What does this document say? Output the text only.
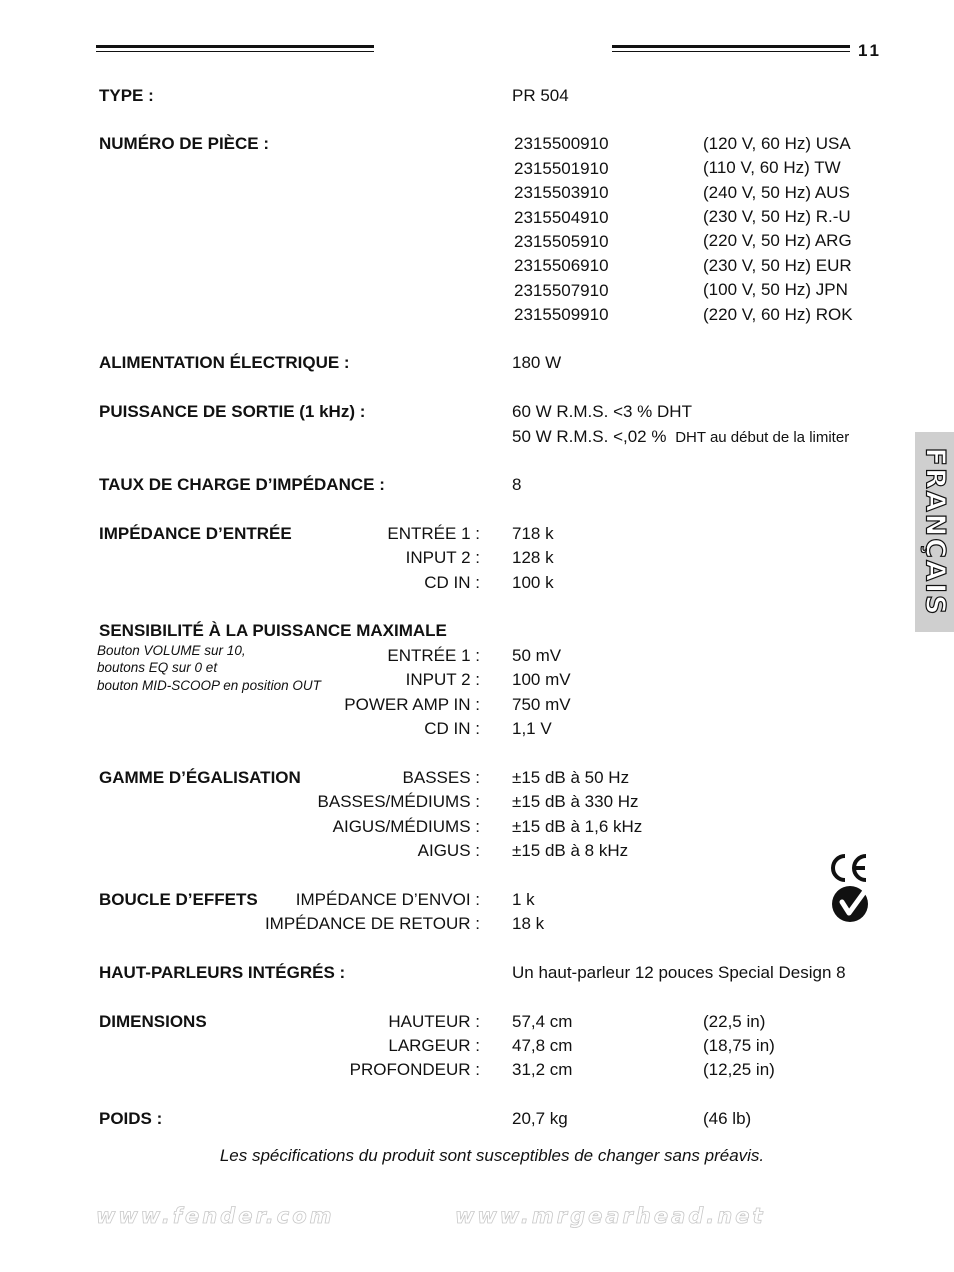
11
FRANÇAIS
TYPE :	PR 504
NUMÉRO DE PIÈCE :	2315500910	(120 V, 60 Hz) USA
2315501910	(110 V, 60 Hz) TW
2315503910	(240 V, 50 Hz) AUS
2315504910	(230 V, 50 Hz) R.-U
2315505910	(220 V, 50 Hz) ARG
2315506910	(230 V, 50 Hz) EUR
2315507910	(100 V, 50 Hz) JPN
2315509910	(220 V, 60 Hz) ROK
ALIMENTATION ÉLECTRIQUE :	180 W
PUISSANCE DE SORTIE (1 kHz) :	60 W R.M.S. <3 % DHT
50 W R.M.S. <,02 % DHT au début de la limiter
TAUX DE CHARGE D’IMPÉDANCE :	8
IMPÉDANCE D’ENTRÉE	ENTRÉE 1 : 718 k
INPUT 2 : 128 k
CD IN : 100 k
SENSIBILITÉ À LA PUISSANCE MAXIMALE
Bouton VOLUME sur 10,
boutons EQ sur 0 et
bouton MID-SCOOP en position OUT
ENTRÉE 1 : 50 mV
INPUT 2 : 100 mV
POWER AMP IN : 750 mV
CD IN : 1,1 V
GAMME D’ÉGALISATION	BASSES : ±15 dB à 50 Hz
BASSES/MÉDIUMS : ±15 dB à 330 Hz
AIGUS/MÉDIUMS : ±15 dB à 1,6 kHz
AIGUS : ±15 dB à 8 kHz
BOUCLE D’EFFETS IMPÉDANCE D’ENVOI : 1 k
IMPÉDANCE DE RETOUR : 18 k
HAUT-PARLEURS INTÉGRÉS :	Un haut-parleur 12 pouces Special Design 8
DIMENSIONS	HAUTEUR : 57,4 cm	(22,5 in)
LARGEUR : 47,8 cm	(18,75 in)
PROFONDEUR : 31,2 cm	(12,25 in)
POIDS :	20,7 kg	(46 lb)
Les spécifications du produit sont susceptibles de changer sans préavis.
www.fender.com	www.mrgearhead.net
